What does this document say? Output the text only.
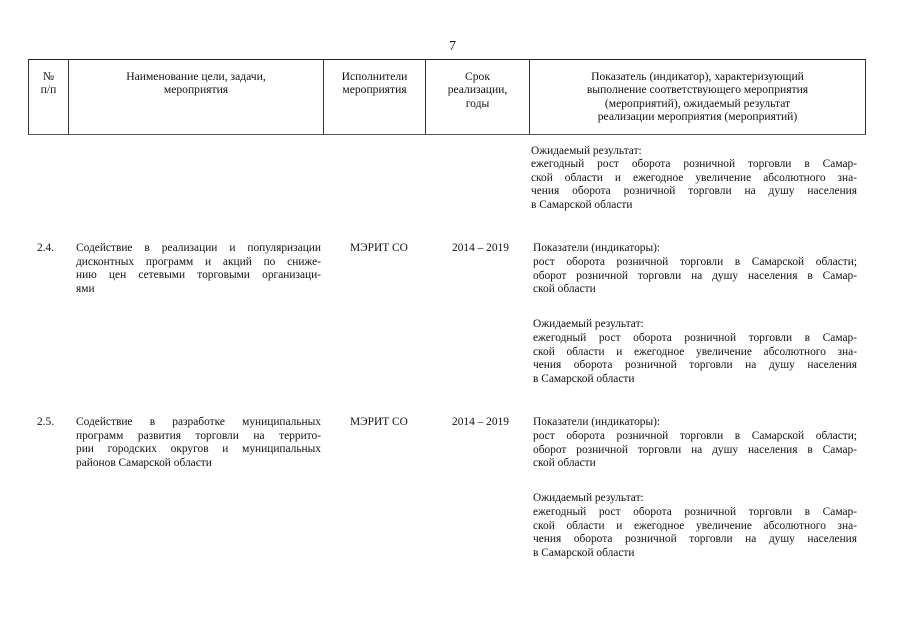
7
№
п/п
Наименование цели, задачи,
мероприятия
Исполнители
мероприятия
Срок
реализации,
годы
Показатель (индикатор), характеризующий
выполнение соответствующего мероприятия
(мероприятий), ожидаемый результат
реализации мероприятия (мероприятий)
Ожидаемый результат:
ежегодный рост оборота розничной торговли в Самар-
ской области и ежегодное увеличение абсолютного зна-
чения оборота розничной торговли на душу населения
в Самарской области
2.4. Содействие в реализации и популяризации
дисконтных программ и акций по сниже-
нию цен сетевыми торговыми организаци-
ями
МЭРИТ СО	2014 – 2019 Показатели (индикаторы):
рост оборота розничной торговли в Самарской области;
оборот розничной торговли на душу населения в Самар-
ской области
Ожидаемый результат:
ежегодный рост оборота розничной торговли в Самар-
ской области и ежегодное увеличение абсолютного зна-
чения оборота розничной торговли на душу населения
в Самарской области
2.5. Содействие в разработке муниципальных
программ развития торговли на террито-
рии городских округов и муниципальных
районов Самарской области
МЭРИТ СО	2014 – 2019 Показатели (индикаторы):
рост оборота розничной торговли в Самарской области;
оборот розничной торговли на душу населения в Самар-
ской области
Ожидаемый результат:
ежегодный рост оборота розничной торговли в Самар-
ской области и ежегодное увеличение абсолютного зна-
чения оборота розничной торговли на душу населения
в Самарской области
